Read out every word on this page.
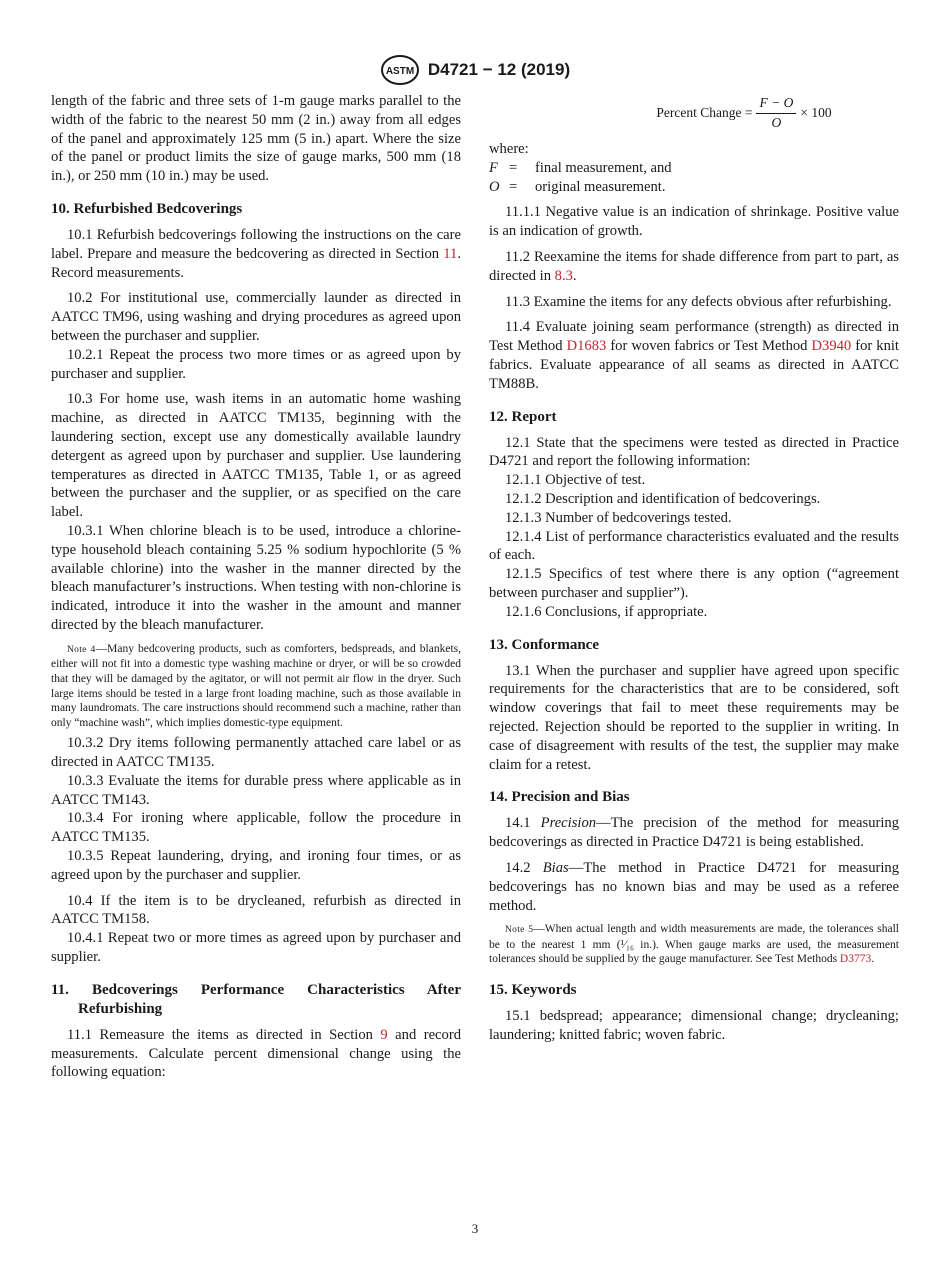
ASTM D4721 − 12 (2019)

length of the fabric and three sets of 1-m gauge marks parallel to the width of the fabric to the nearest 50 mm (2 in.) away from all edges of the panel and approximately 125 mm (5 in.) apart. Where the size of the panel or product limits the size of gauge marks, 500 mm (18 in.), or 250 mm (10 in.) may be used.

10. Refurbished Bedcoverings

10.1 Refurbish bedcoverings following the instructions on the care label. Prepare and measure the bedcovering as directed in Section 11. Record measurements.

10.2 For institutional use, commercially launder as directed in AATCC TM96, using washing and drying procedures as agreed upon between the purchaser and supplier.

10.2.1 Repeat the process two more times or as agreed upon by purchaser and supplier.

10.3 For home use, wash items in an automatic home washing machine, as directed in AATCC TM135, beginning with the laundering section, except use any domestically available laundry detergent as agreed upon by purchaser and supplier. Use laundering temperatures as directed in AATCC TM135, Table 1, or as agreed between the purchaser and the supplier, or as specified on the care label.

10.3.1 When chlorine bleach is to be used, introduce a chlorine-type household bleach containing 5.25 % sodium hypochlorite (5 % available chlorine) into the washer in the manner directed by the bleach manufacturer’s instructions. When testing with non-chlorine is indicated, introduce it into the washer in the amount and manner directed by the bleach manufacturer.

Note 4—Many bedcovering products, such as comforters, bedspreads, and blankets, either will not fit into a domestic type washing machine or dryer, or will be so crowded that they will be damaged by the agitator, or will not permit air flow in the dryer. Such large items should be tested in a large front loading machine, such as those available in many laundromats. The care instructions should recommend such a machine, rather than only “machine wash”, which implies domestic-type equipment.

10.3.2 Dry items following permanently attached care label or as directed in AATCC TM135.

10.3.3 Evaluate the items for durable press where applicable as in AATCC TM143.

10.3.4 For ironing where applicable, follow the procedure in AATCC TM135.

10.3.5 Repeat laundering, drying, and ironing four times, or as agreed upon by the purchaser and supplier.

10.4 If the item is to be drycleaned, refurbish as directed in AATCC TM158.

10.4.1 Repeat two or more times as agreed upon by purchaser and supplier.

11. Bedcoverings Performance Characteristics After Refurbishing

11.1 Remeasure the items as directed in Section 9 and record measurements. Calculate percent dimensional change using the following equation:

Percent Change = $\frac{F - O}{O} \times 100$

where:

F =	final measurement, and
O =	original measurement.

11.1.1 Negative value is an indication of shrinkage. Positive value is an indication of growth.

11.2 Reexamine the items for shade difference from part to part, as directed in 8.3.

11.3 Examine the items for any defects obvious after refurbishing.

11.4 Evaluate joining seam performance (strength) as directed in Test Method D1683 for woven fabrics or Test Method D3940 for knit fabrics. Evaluate appearance of all seams as directed in AATCC TM88B.

12. Report

12.1 State that the specimens were tested as directed in Practice D4721 and report the following information:

12.1.1 Objective of test.

12.1.2 Description and identification of bedcoverings.

12.1.3 Number of bedcoverings tested.

12.1.4 List of performance characteristics evaluated and the results of each.

12.1.5 Specifics of test where there is any option (“agreement between purchaser and supplier”).

12.1.6 Conclusions, if appropriate.

13. Conformance

13.1 When the purchaser and supplier have agreed upon specific requirements for the characteristics that are to be considered, soft window coverings that fail to meet these requirements may be rejected. Rejection should be reported to the supplier in writing. In case of disagreement with results of the test, the supplier may make claim for a retest.

14. Precision and Bias

14.1 Precision—The precision of the method for measuring bedcoverings as directed in Practice D4721 is being established.

14.2 Bias—The method in Practice D4721 for measuring bedcoverings has no known bias and may be used as a referee method.

Note 5—When actual length and width measurements are made, the tolerances shall be to the nearest 1 mm (¹⁄₁₆ in.). When gauge marks are used, the measurement tolerances should be supplied by the gauge manufacturer. See Test Methods D3773.

15. Keywords

15.1 bedspread; appearance; dimensional change; drycleaning; laundering; knitted fabric; woven fabric.

3
